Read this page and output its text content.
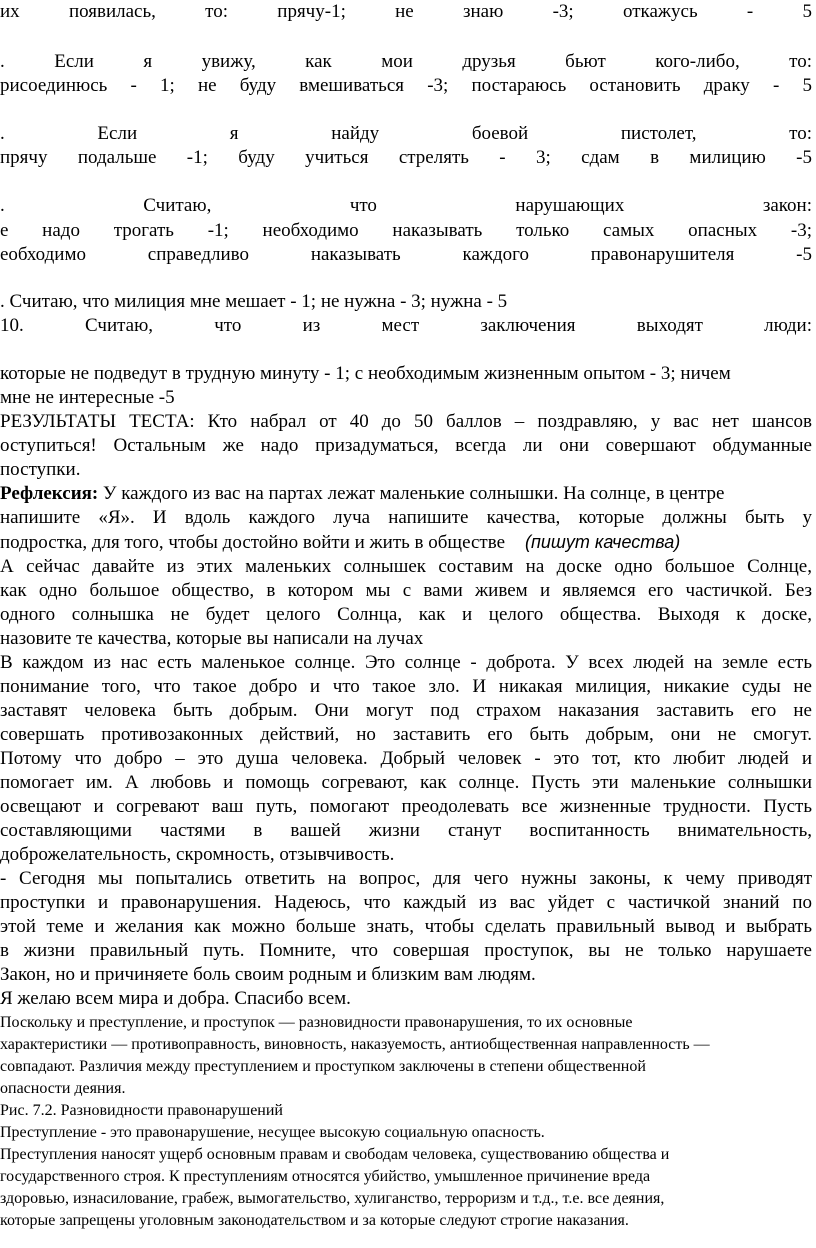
их появилась, то: прячу-1; не знаю -3; откажусь - 5

. Если я увижу, как мои друзья бьют кого-либо, то:

рисоединюсь - 1; не буду вмешиваться -3; постараюсь остановить драку - 5

. Если я найду боевой пистолет, то:

прячу подальше -1; буду учиться стрелять - 3; сдам в милицию -5

. Считаю, что нарушающих закон:

е надо трогать -1; необходимо наказывать только самых опасных -3;

еобходимо справедливо наказывать каждого правонарушителя -5

. Считаю, что милиция мне мешает - 1; не нужна - 3; нужна - 5

10. Считаю, что из мест заключения выходят люди:

которые не подведут в трудную минуту - 1; с необходимым жизненным опытом - 3; ничем

мне не интересные -5

РЕЗУЛЬТАТЫ ТЕСТА: Кто набрал от 40 до 50 баллов – поздравляю, у вас нет шансов

оступиться! Остальным же надо призадуматься, всегда ли они совершают обдуманные

поступки.

Рефлексия: У каждого из вас на партах лежат маленькие солнышки. На солнце, в центре

напишите «Я». И вдоль каждого луча напишите качества, которые должны быть у

подростка, для того, чтобы достойно войти и жить в обществе (пишут качества)

А сейчас давайте из этих маленьких солнышек составим на доске одно большое Солнце,

как одно большое общество, в котором мы с вами живем и являемся его частичкой. Без

одного солнышка не будет целого Солнца, как и целого общества. Выходя к доске,

назовите те качества, которые вы написали на лучах

В каждом из нас есть маленькое солнце. Это солнце - доброта. У всех людей на земле есть

понимание того, что такое добро и что такое зло. И никакая милиция, никакие суды не

заставят человека быть добрым. Они могут под страхом наказания заставить его не

совершать противозаконных действий, но заставить его быть добрым, они не смогут.

Потому что добро – это душа человека. Добрый человек - это тот, кто любит людей и

помогает им. А любовь и помощь согревают, как солнце. Пусть эти маленькие солнышки

освещают и согревают ваш путь, помогают преодолевать все жизненные трудности. Пусть

составляющими частями в вашей жизни станут воспитанность внимательность,

доброжелательность, скромность, отзывчивость.

- Сегодня мы попытались ответить на вопрос, для чего нужны законы, к чему приводят

проступки и правонарушения. Надеюсь, что каждый из вас уйдет с частичкой знаний по

этой теме и желания как можно больше знать, чтобы сделать правильный вывод и выбрать

в жизни правильный путь. Помните, что совершая проступок, вы не только нарушаете

Закон, но и причиняете боль своим родным и близким вам людям.

Я желаю всем мира и добра. Спасибо всем.

Поскольку и преступление, и проступок — разновидности правонарушения, то их основные

характеристики — противоправность, виновность, наказуемость, антиобщественная направленность —

совпадают. Различия между преступлением и проступком заключены в степени общественной

опасности деяния.

Рис. 7.2. Разновидности правонарушений

Преступление - это правонарушение, несущее высокую социальную опасность.

Преступления наносят ущерб основным правам и свободам человека, существованию общества и

государственного строя. К преступлениям относятся убийство, умышленное причинение вреда

здоровью, изнасилование, грабеж, вымогательство, хулиганство, терроризм и т.д., т.е. все деяния,

которые запрещены уголовным законодательством и за которые следуют строгие наказания.
